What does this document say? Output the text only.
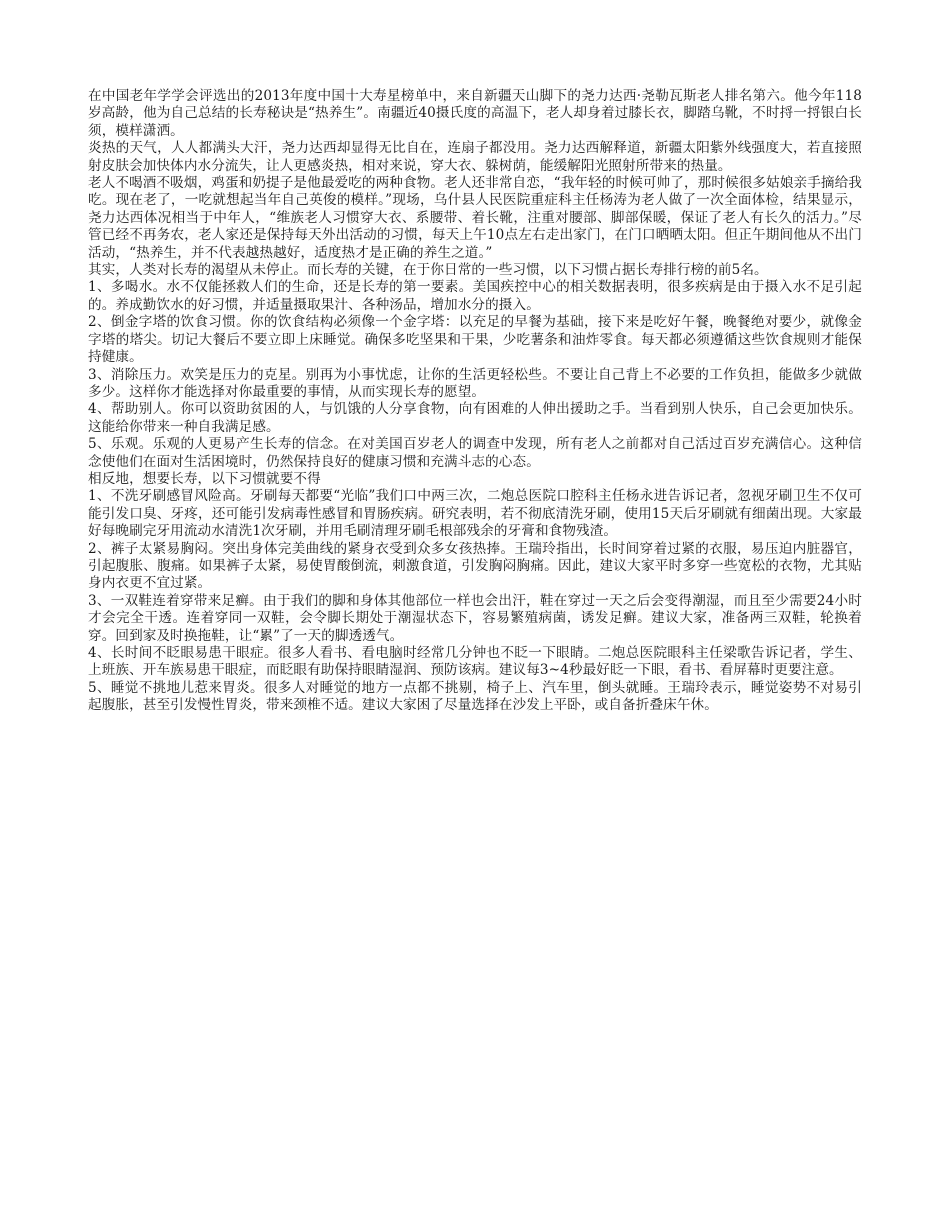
在中国老年学学会评选出的2013年度中国十大寿星榜单中，来自新疆天山脚下的尧力达西·尧勒瓦斯老人排名第六。他今年118岁高龄，他为自己总结的长寿秘诀是“热养生”。南疆近40摄氏度的高温下，老人却身着过膝长衣，脚踏乌靴，不时捋一捋银白长须，模样潇洒。

炎热的天气，人人都满头大汗，尧力达西却显得无比自在，连扇子都没用。尧力达西解释道，新疆太阳紫外线强度大，若直接照射皮肤会加快体内水分流失，让人更感炎热，相对来说，穿大衣、躲树荫，能缓解阳光照射所带来的热量。

老人不喝酒不吸烟，鸡蛋和奶提子是他最爱吃的两种食物。老人还非常自恋，“我年轻的时候可帅了，那时候很多姑娘亲手摘给我吃。现在老了，一吃就想起当年自己英俊的模样。”现场，乌什县人民医院重症科主任杨涛为老人做了一次全面体检，结果显示，尧力达西体况相当于中年人，“维族老人习惯穿大衣、系腰带、着长靴，注重对腰部、脚部保暖，保证了老人有长久的活力。”尽管已经不再务农，老人家还是保持每天外出活动的习惯，每天上午10点左右走出家门，在门口晒晒太阳。但正午期间他从不出门活动，“热养生，并不代表越热越好，适度热才是正确的养生之道。”

其实，人类对长寿的渴望从未停止。而长寿的关键，在于你日常的一些习惯，以下习惯占据长寿排行榜的前5名。

1、多喝水。水不仅能拯救人们的生命，还是长寿的第一要素。美国疾控中心的相关数据表明，很多疾病是由于摄入水不足引起的。养成勤饮水的好习惯，并适量摄取果汁、各种汤品，增加水分的摄入。

2、倒金字塔的饮食习惯。你的饮食结构必须像一个金字塔：以充足的早餐为基础，接下来是吃好午餐，晚餐绝对要少，就像金字塔的塔尖。切记大餐后不要立即上床睡觉。确保多吃坚果和干果，少吃薯条和油炸零食。每天都必须遵循这些饮食规则才能保持健康。

3、消除压力。欢笑是压力的克星。别再为小事忧虑，让你的生活更轻松些。不要让自己背上不必要的工作负担，能做多少就做多少。这样你才能选择对你最重要的事情，从而实现长寿的愿望。

4、帮助别人。你可以资助贫困的人，与饥饿的人分享食物，向有困难的人伸出援助之手。当看到别人快乐，自己会更加快乐。这能给你带来一种自我满足感。

5、乐观。乐观的人更易产生长寿的信念。在对美国百岁老人的调查中发现，所有老人之前都对自己活过百岁充满信心。这种信念使他们在面对生活困境时，仍然保持良好的健康习惯和充满斗志的心态。

相反地，想要长寿，以下习惯就要不得

1、不洗牙刷感冒风险高。牙刷每天都要“光临”我们口中两三次，二炮总医院口腔科主任杨永进告诉记者，忽视牙刷卫生不仅可能引发口臭、牙疼，还可能引发病毒性感冒和胃肠疾病。研究表明，若不彻底清洗牙刷，使用15天后牙刷就有细菌出现。大家最好每晚刷完牙用流动水清洗1次牙刷，并用毛刷清理牙刷毛根部残余的牙膏和食物残渣。

2、裤子太紧易胸闷。突出身体完美曲线的紧身衣受到众多女孩热捧。王瑞玲指出，长时间穿着过紧的衣服，易压迫内脏器官，引起腹胀、腹痛。如果裤子太紧，易使胃酸倒流，刺激食道，引发胸闷胸痛。因此，建议大家平时多穿一些宽松的衣物，尤其贴身内衣更不宜过紧。

3、一双鞋连着穿带来足癣。由于我们的脚和身体其他部位一样也会出汗，鞋在穿过一天之后会变得潮湿，而且至少需要24小时才会完全干透。连着穿同一双鞋，会令脚长期处于潮湿状态下，容易繁殖病菌，诱发足癣。建议大家，准备两三双鞋，轮换着穿。回到家及时换拖鞋，让“累”了一天的脚透透气。

4、长时间不眨眼易患干眼症。很多人看书、看电脑时经常几分钟也不眨一下眼睛。二炮总医院眼科主任梁歌告诉记者，学生、上班族、开车族易患干眼症，而眨眼有助保持眼睛湿润、预防该病。建议每3~4秒最好眨一下眼，看书、看屏幕时更要注意。

5、睡觉不挑地儿惹来胃炎。很多人对睡觉的地方一点都不挑剔，椅子上、汽车里，倒头就睡。王瑞玲表示，睡觉姿势不对易引起腹胀，甚至引发慢性胃炎，带来颈椎不适。建议大家困了尽量选择在沙发上平卧，或自备折叠床午休。
